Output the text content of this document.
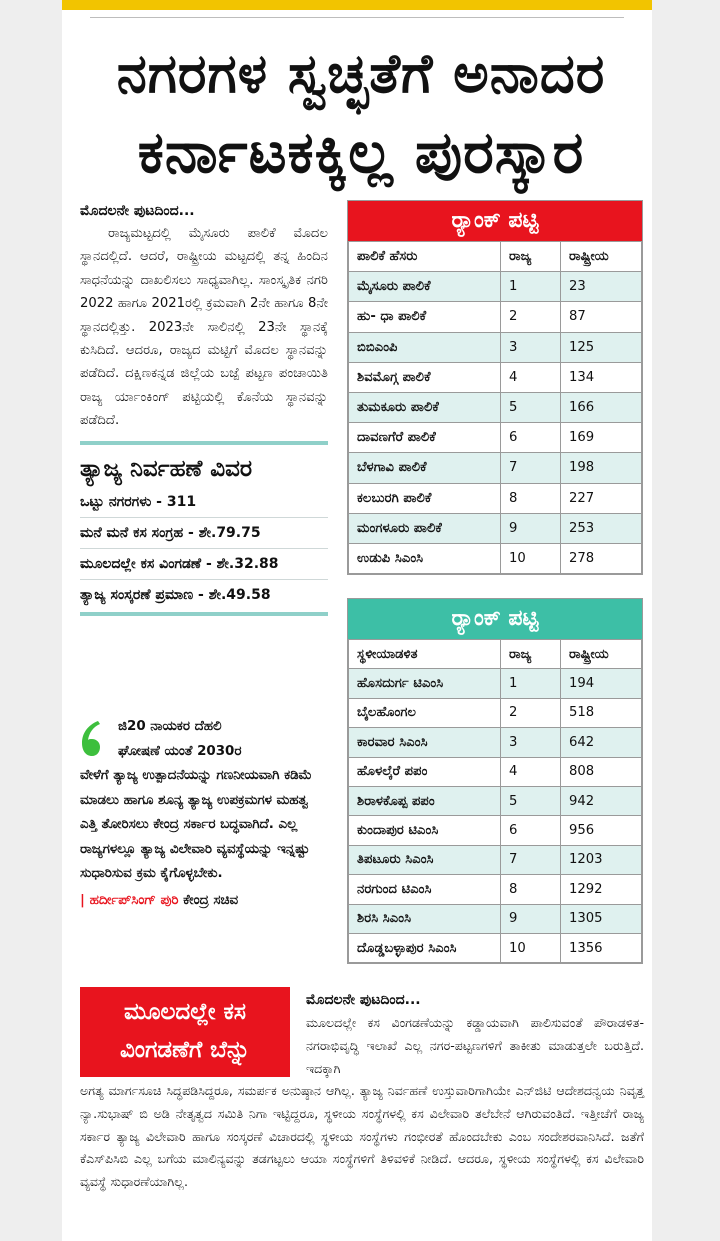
ನಗರಗಳ ಸ್ವಚ್ಛತೆಗೆ ಅನಾದರ
ಕರ್ನಾಟಕಕ್ಕಿಲ್ಲ ಪುರಸ್ಕಾರ
ಮೊದಲನೇ ಪುಟದಿಂದ...

ರಾಜ್ಯಮಟ್ಟದಲ್ಲಿ ಮೈಸೂರು ಪಾಲಿಕೆ ಮೊದಲ ಸ್ಥಾನದಲ್ಲಿದೆ. ಆದರೆ, ರಾಷ್ಟ್ರೀಯ ಮಟ್ಟದಲ್ಲಿ ತನ್ನ ಹಿಂದಿನ ಸಾಧನೆಯನ್ನು ದಾಖಲಿಸಲು ಸಾಧ್ಯವಾಗಿಲ್ಲ. ಸಾಂಸ್ಕೃತಿಕ ನಗರಿ 2022 ಹಾಗೂ 2021ರಲ್ಲಿ ಕ್ರಮವಾಗಿ 2ನೇ ಹಾಗೂ 8ನೇ ಸ್ಥಾನದಲ್ಲಿತ್ತು. 2023ನೇ ಸಾಲಿನಲ್ಲಿ 23ನೇ ಸ್ಥಾನಕ್ಕೆ ಕುಸಿದಿದೆ. ಆದರೂ, ರಾಜ್ಯದ ಮಟ್ಟಿಗೆ ಮೊದಲ ಸ್ಥಾನವನ್ನು ಪಡೆದಿದೆ. ದಕ್ಷಿಣಕನ್ನಡ ಜಿಲ್ಲೆಯ ಬಜ್ಪೆ ಪಟ್ಟಣ ಪಂಚಾಯಿತಿ ರಾಜ್ಯ ರ್ಯಾಂಕಿಂಗ್ ಪಟ್ಟಿಯಲ್ಲಿ ಕೊನೆಯ ಸ್ಥಾನವನ್ನು ಪಡೆದಿದೆ.

ತ್ಯಾಜ್ಯ ನಿರ್ವಹಣೆ ವಿವರ
ಒಟ್ಟು ನಗರಗಳು - 311
ಮನೆ ಮನೆ ಕಸ ಸಂಗ್ರಹ - ಶೇ.79.75
ಮೂಲದಲ್ಲೇ ಕಸ ವಿಂಗಡಣೆ - ಶೇ.32.88
ತ್ಯಾಜ್ಯ ಸಂಸ್ಕರಣೆ ಪ್ರಮಾಣ - ಶೇ.49.58
ಜಿ20 ನಾಯಕರ ದೆಹಲಿ
ಘೋಷಣೆ ಯಂತೆ 2030ರ
ವೇಳೆಗೆ ತ್ಯಾಜ್ಯ ಉತ್ಪಾದನೆಯನ್ನು ಗಣನೀಯವಾಗಿ ಕಡಿಮೆ ಮಾಡಲು ಹಾಗೂ ಶೂನ್ಯ ತ್ಯಾಜ್ಯ ಉಪಕ್ರಮಗಳ ಮಹತ್ವ ಎತ್ತಿ ತೋರಿಸಲು ಕೇಂದ್ರ ಸರ್ಕಾರ ಬದ್ಧವಾಗಿದೆ. ಎಲ್ಲ ರಾಜ್ಯಗಳಲ್ಲೂ ತ್ಯಾಜ್ಯ ವಿಲೇವಾರಿ ವ್ಯವಸ್ಥೆಯನ್ನು ಇನ್ನಷ್ಟು ಸುಧಾರಿಸುವ ಕ್ರಮ ಕೈಗೊಳ್ಳಬೇಕು.
| ಹರ್ದೀಪ್‌ಸಿಂಗ್ ಪುರಿ ಕೇಂದ್ರ ಸಚಿವ
ರ್‍ಯಾಂಕ್ ಪಟ್ಟಿ
ಪಾಲಿಕೆ ಹೆಸರು	ರಾಜ್ಯ	ರಾಷ್ಟ್ರೀಯ
ಮೈಸೂರು ಪಾಲಿಕೆ	1	23
ಹು- ಧಾ ಪಾಲಿಕೆ	2	87
ಬಿಬಿಎಂಪಿ	3	125
ಶಿವಮೊಗ್ಗ ಪಾಲಿಕೆ	4	134
ತುಮಕೂರು ಪಾಲಿಕೆ	5	166
ದಾವಣಗೆರೆ ಪಾಲಿಕೆ	6	169
ಬೆಳಗಾವಿ ಪಾಲಿಕೆ	7	198
ಕಲಬುರಗಿ ಪಾಲಿಕೆ	8	227
ಮಂಗಳೂರು ಪಾಲಿಕೆ	9	253
ಉಡುಪಿ ಸಿಎಂಸಿ	10	278
ರ್‍ಯಾಂಕ್ ಪಟ್ಟಿ
ಸ್ಥಳೀಯಾಡಳಿತ	ರಾಜ್ಯ	ರಾಷ್ಟ್ರೀಯ
ಹೊಸದುರ್ಗ ಟಿಎಂಸಿ	1	194
ಬೈಲಹೊಂಗಲ	2	518
ಕಾರವಾರ ಸಿಎಂಸಿ	3	642
ಹೊಳಲ್ಕೆರೆ ಪಪಂ	4	808
ಶಿರಾಳಕೊಪ್ಪ ಪಪಂ	5	942
ಕುಂದಾಪುರ ಟಿಎಂಸಿ	6	956
ತಿಪಟೂರು ಸಿಎಂಸಿ	7	1203
ನರಗುಂದ ಟಿಎಂಸಿ	8	1292
ಶಿರಸಿ ಸಿಎಂಸಿ	9	1305
ದೊಡ್ಡಬಳ್ಳಾಪುರ ಸಿಎಂಸಿ	10	1356
ಮೂಲದಲ್ಲೇ ಕಸ
ವಿಂಗಡಣೆಗೆ ಬೆನ್ನು
ಮೊದಲನೇ ಪುಟದಿಂದ...
ಮೂಲದಲ್ಲೇ ಕಸ ವಿಂಗಡಣೆಯನ್ನು ಕಡ್ಡಾಯವಾಗಿ ಪಾಲಿಸುವಂತೆ ಪೌರಾಡಳಿತ-ನಗರಾಭಿವೃದ್ಧಿ ಇಲಾಖೆ ಎಲ್ಲ ನಗರ-ಪಟ್ಟಣಗಳಿಗೆ ತಾಕೀತು ಮಾಡುತ್ತಲೇ ಬರುತ್ತಿದೆ. ಇದಕ್ಕಾಗಿ
ಅಗತ್ಯ ಮಾರ್ಗಸೂಚಿ ಸಿದ್ಧಪಡಿಸಿದ್ದರೂ, ಸಮರ್ಪಕ ಅನುಷ್ಠಾನ ಆಗಿಲ್ಲ. ತ್ಯಾಜ್ಯ ನಿರ್ವಹಣೆ ಉಸ್ತುವಾರಿಗಾಗಿಯೇ ಎನ್‌ಜಿಟಿ ಆದೇಶದನ್ವಯ ನಿವೃತ್ತ ನ್ಯಾ.ಸುಭಾಷ್ ಬಿ ಅಡಿ ನೇತೃತ್ವದ ಸಮಿತಿ ನಿಗಾ ಇಟ್ಟಿದ್ದರೂ, ಸ್ಥಳೀಯ ಸಂಸ್ಥೆಗಳಲ್ಲಿ ಕಸ ವಿಲೇವಾರಿ ತಲೆಬೇನೆ ಆಗಿರುವಂತಿದೆ. ಇತ್ತೀಚೆಗೆ ರಾಜ್ಯ ಸರ್ಕಾರ ತ್ಯಾಜ್ಯ ವಿಲೇವಾರಿ ಹಾಗೂ ಸಂಸ್ಕರಣೆ ವಿಚಾರದಲ್ಲಿ ಸ್ಥಳೀಯ ಸಂಸ್ಥೆಗಳು ಗಂಭೀರತೆ ಹೊಂದಬೇಕು ಎಂಬ ಸಂದೇಶರವಾನಿಸಿದೆ. ಜತೆಗೆ ಕೆಎಸ್‌ಪಿಸಿಬಿ ಎಲ್ಲ ಬಗೆಯ ಮಾಲಿನ್ಯವನ್ನು ತಡಗಟ್ಟಲು ಆಯಾ ಸಂಸ್ಥೆಗಳಿಗೆ ತಿಳಿವಳಿಕೆ ನೀಡಿದೆ. ಆದರೂ, ಸ್ಥಳೀಯ ಸಂಸ್ಥೆಗಳಲ್ಲಿ ಕಸ ವಿಲೇವಾರಿ ವ್ಯವಸ್ಥೆ ಸುಧಾರಣೆಯಾಗಿಲ್ಲ.
